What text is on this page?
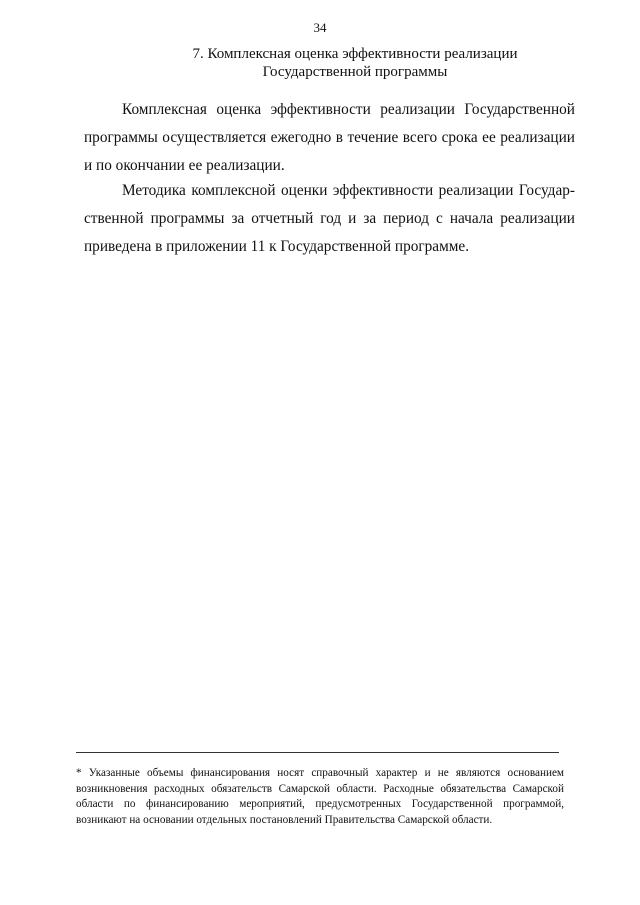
34
7. Комплексная оценка эффективности реализации
Государственной программы

Комплексная оценка эффективности реализации Государственной программы осуществляется ежегодно в течение всего срока ее реализации и по окончании ее реализации.

Методика комплексной оценки эффективности реализации Государ-ственной программы за отчетный год и за период с начала реализации приведена в приложении 11 к Государственной программе.

* Указанные объемы финансирования носят справочный характер и не являются основанием возникновения расходных обязательств Самарской области. Расходные обязательства Самарской области по финансированию мероприятий, предусмотренных Государственной программой, возникают на основании отдельных постановлений Правительства Самарской области.
